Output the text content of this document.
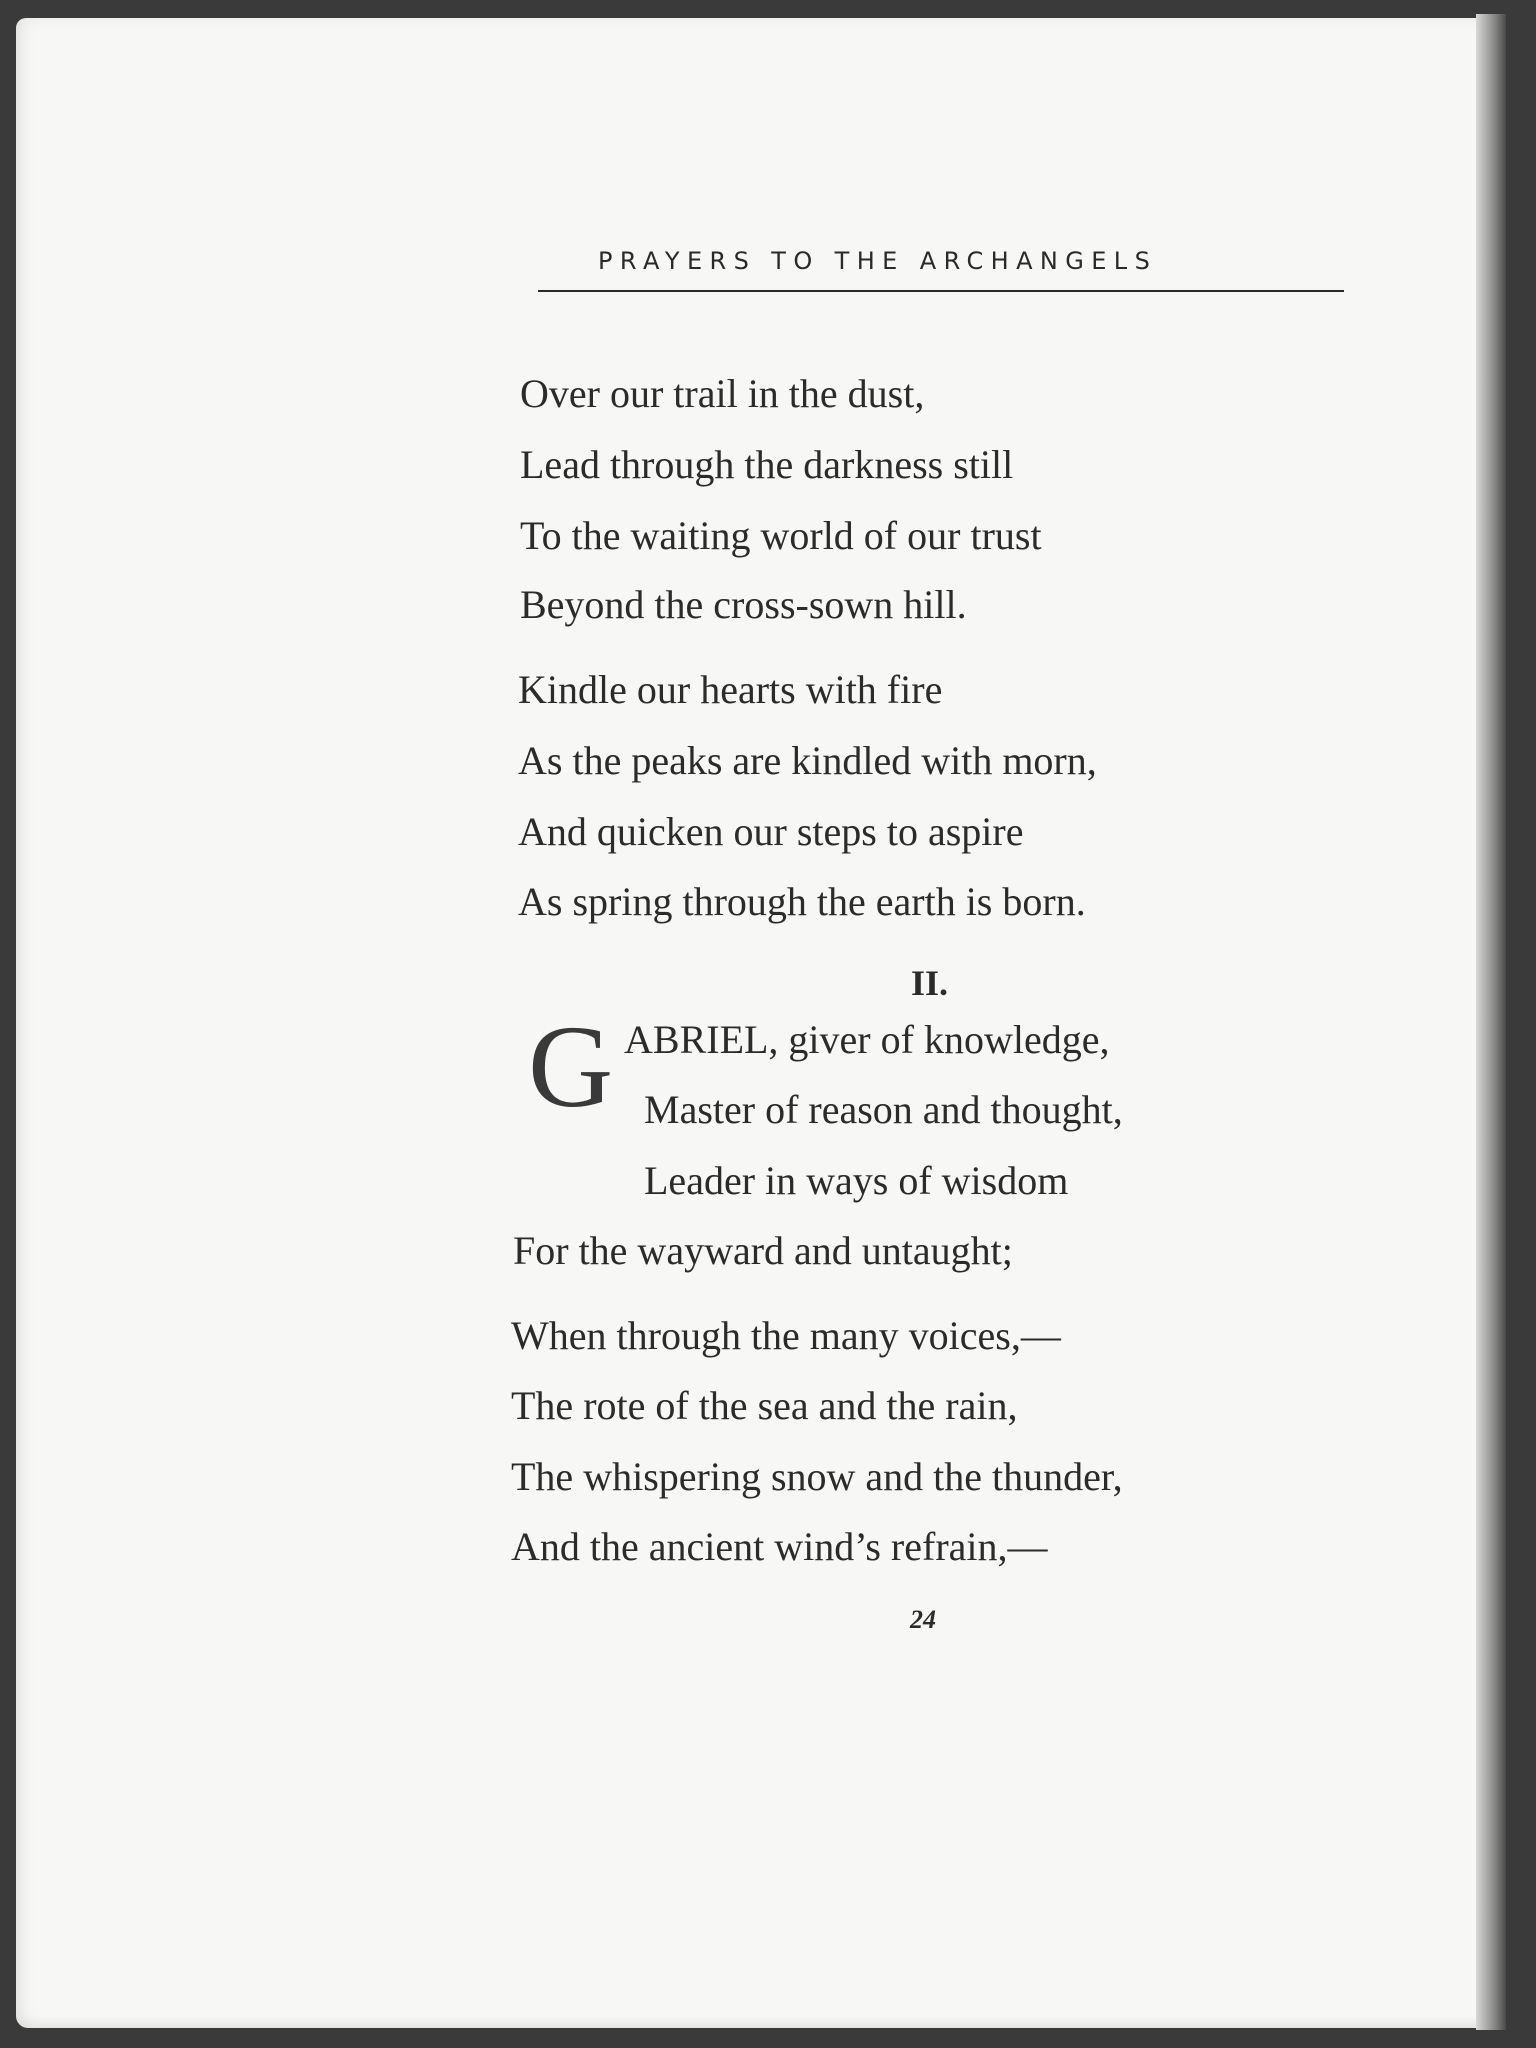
PRAYERS TO THE ARCHANGELS
Over our trail in the dust,
Lead through the darkness still
To the waiting world of our trust
Beyond the cross-sown hill.
Kindle our hearts with fire
As the peaks are kindled with morn,
And quicken our steps to aspire
As spring through the earth is born.
II.
G ABRIEL, giver of knowledge,
Master of reason and thought,
Leader in ways of wisdom
For the wayward and untaught;
When through the many voices,—
The rote of the sea and the rain,
The whispering snow and the thunder,
And the ancient wind’s refrain,—
24
